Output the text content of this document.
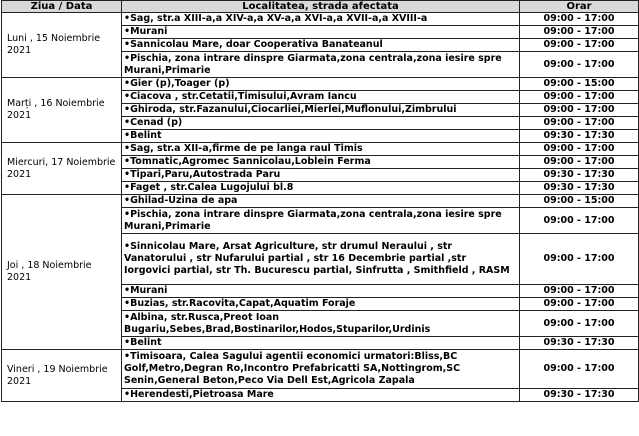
Ziua / Data	Localitatea, strada afectata	Orar
Luni , 15 Noiembrie 2021	•Sag, str.a XIII-a,a XIV-a,a XV-a,a XVI-a,a XVII-a,a XVIII-a	09:00 - 17:00
	•Murani	09:00 - 17:00
	•Sannicolau Mare, doar Cooperativa Banateanul	09:00 - 17:00
	•Pischia, zona intrare dinspre Giarmata,zona centrala,zona iesire spre Murani,Primarie	09:00 - 17:00
Marți , 16 Noiembrie 2021	•Gier (p),Toager (p)	09:00 - 15:00
	•Ciacova , str.Cetatii,Timisului,Avram Iancu	09:00 - 17:00
	•Ghiroda, str.Fazanului,Ciocarliei,Mierlei,Muflonului,Zimbrului	09:00 - 17:00
	•Cenad (p)	09:00 - 17:00
	•Belint	09:30 - 17:30
Miercuri, 17 Noiembrie 2021	•Sag, str.a XII-a,firme de pe langa raul Timis	09:00 - 17:00
	•Tomnatic,Agromec Sannicolau,Loblein Ferma	09:00 - 17:00
	•Tipari,Paru,Autostrada Paru	09:30 - 17:30
	•Faget , str.Calea Lugojului bl.8	09:30 - 17:30
Joi , 18 Noiembrie 2021	•Ghilad-Uzina de apa	09:00 - 15:00
	•Pischia, zona intrare dinspre Giarmata,zona centrala,zona iesire spre Murani,Primarie	09:00 - 17:00
	•Sinnicolau Mare, Arsat Agriculture, str drumul Neraului , str Vanatorului , str Nufarului partial , str 16 Decembrie partial ,str Iorgovici partial, str Th. Bucurescu partial, Sinfrutta , Smithfield , RASM	09:00 - 17:00
	•Murani	09:00 - 17:00
	•Buzias, str.Racovita,Capat,Aquatim Foraje	09:00 - 17:00
	•Albina, str.Rusca,Preot Ioan Bugariu,Sebes,Brad,Bostinarilor,Hodos,Stuparilor,Urdinis	09:00 - 17:00
	•Belint	09:30 - 17:30
Vineri , 19 Noiembrie 2021	•Timisoara, Calea Sagului agentii economici urmatori:Bliss,BC Golf,Metro,Degran Ro,Incontro Prefabricatti SA,Nottingrom,SC Senin,General Beton,Peco Via Dell Est,Agricola Zapala	09:00 - 17:00
	•Herendesti,Pietroasa Mare	09:30 - 17:30
